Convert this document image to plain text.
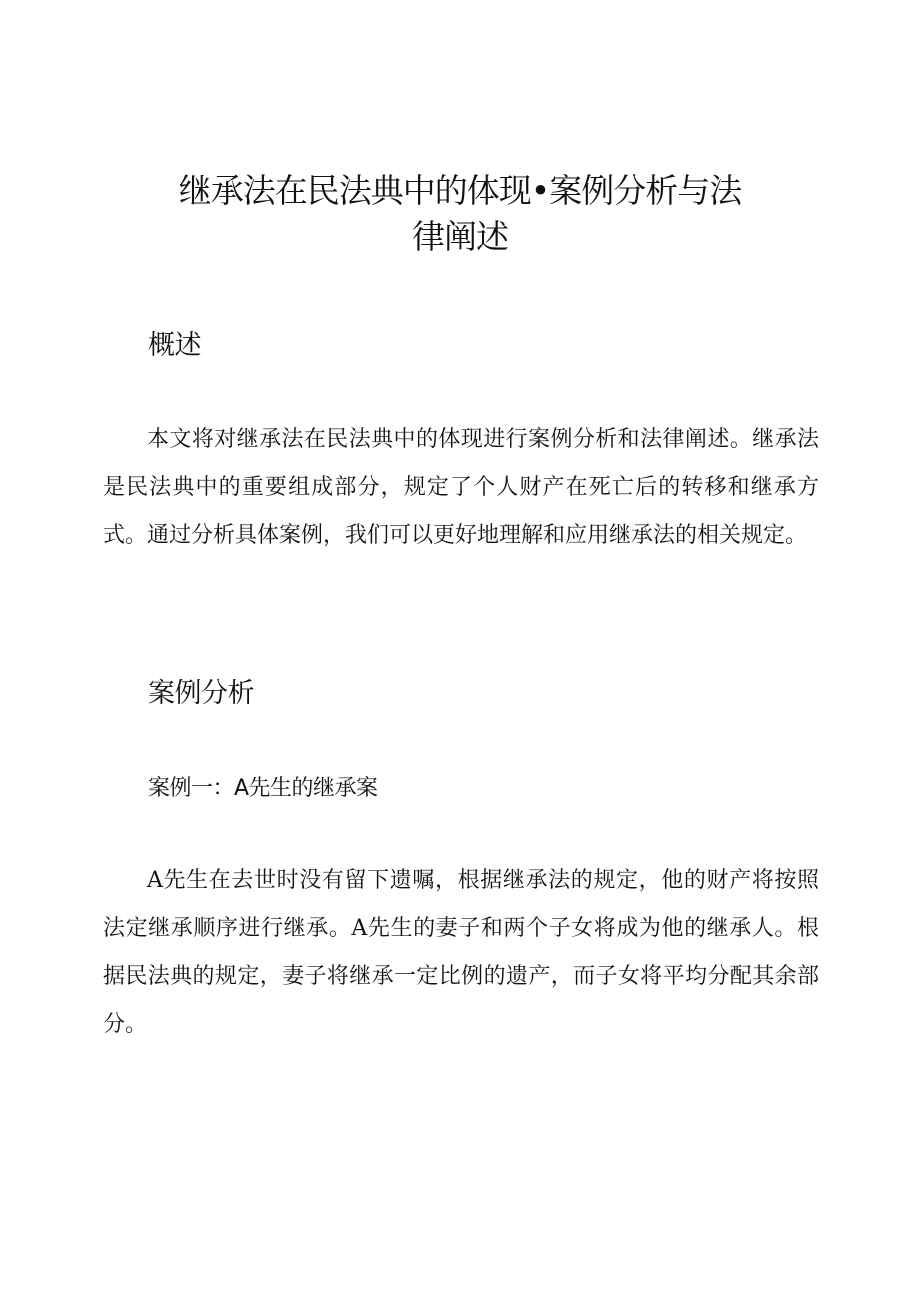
继承法在民法典中的体现•案例分析与法
律阐述
概述

本文将对继承法在民法典中的体现进行案例分析和法律阐述。继承法是民法典中的重要组成部分，规定了个人财产在死亡后的转移和继承方式。通过分析具体案例，我们可以更好地理解和应用继承法的相关规定。

案例分析
案例一：A先生的继承案

A先生在去世时没有留下遗嘱，根据继承法的规定，他的财产将按照法定继承顺序进行继承。A先生的妻子和两个子女将成为他的继承人。根据民法典的规定，妻子将继承一定比例的遗产，而子女将平均分配其余部分。
